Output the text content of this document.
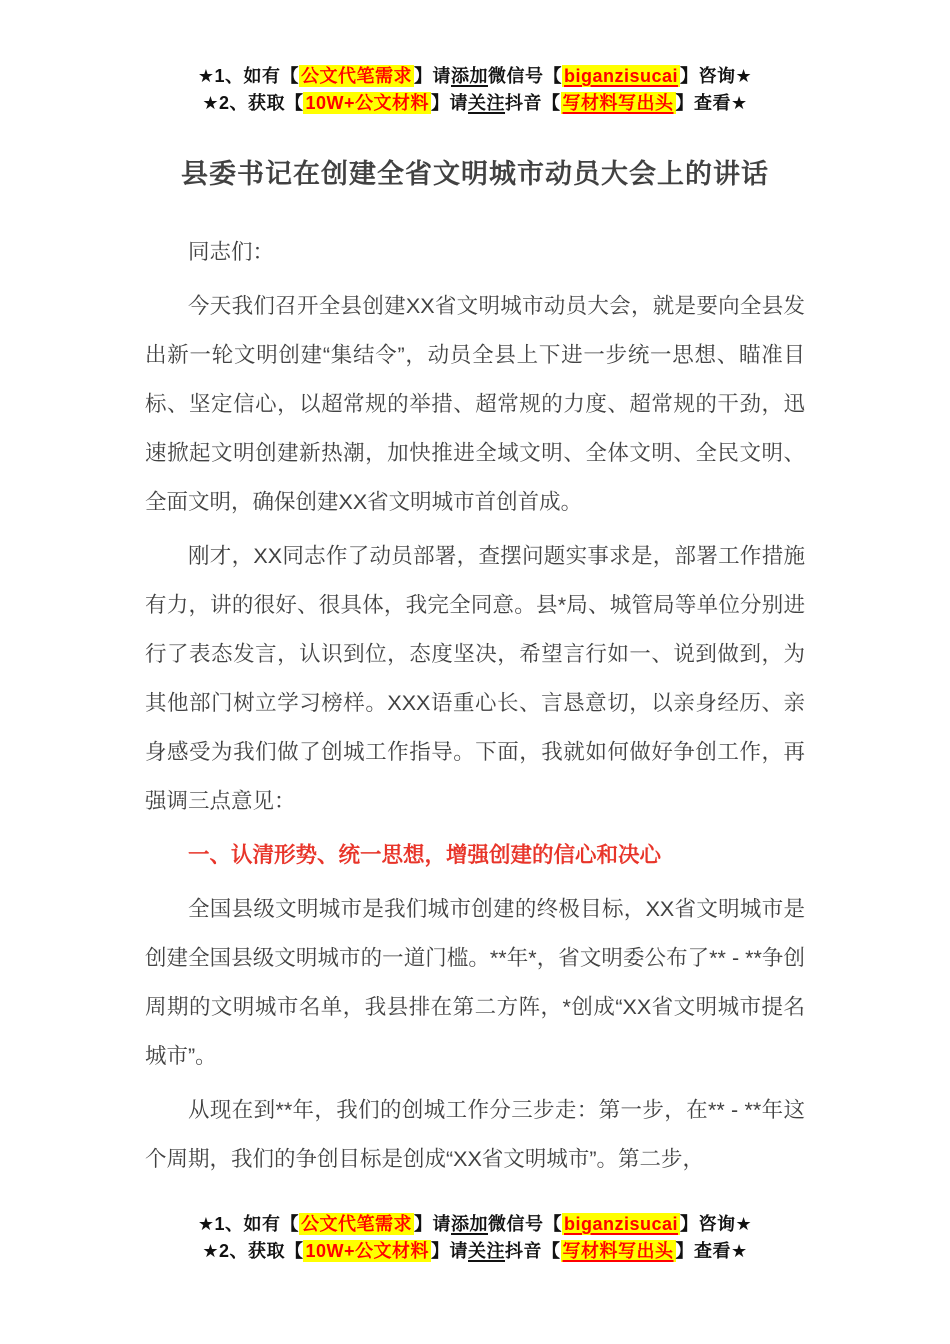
★1、如有【 公文代笔需求 】请添加微信号【 biganzisucai 】咨询★
★2、获取【 10W+公文材料 】请关注抖音【 写材料写出头 】查看★
县委书记在创建全省文明城市动员大会上的讲话

同志们：

今天我们召开全县创建XX省文明城市动员大会，就是要向全县发出新一轮文明创建“集结令”，动员全县上下进一步统一思想、瞄准目标、坚定信心，以超常规的举措、超常规的力度、超常规的干劲，迅速掀起文明创建新热潮，加快推进全域文明、全体文明、全民文明、全面文明，确保创建XX省文明城市首创首成。

刚才，XX同志作了动员部署，查摆问题实事求是，部署工作措施有力，讲的很好、很具体，我完全同意。县*局、城管局等单位分别进行了表态发言，认识到位，态度坚决，希望言行如一、说到做到，为其他部门树立学习榜样。XXX语重心长、言恳意切，以亲身经历、亲身感受为我们做了创城工作指导。下面，我就如何做好争创工作，再强调三点意见：

一、认清形势、统一思想，增强创建的信心和决心

全国县级文明城市是我们城市创建的终极目标，XX省文明城市是创建全国县级文明城市的一道门槛。**年*，省文明委公布了** - **争创周期的文明城市名单，我县排在第二方阵，*创成“XX省文明城市提名城市”。

从现在到**年，我们的创城工作分三步走：第一步，在** - **年这个周期，我们的争创目标是创成“XX省文明城市”。第二步，

★1、如有【 公文代笔需求 】请添加微信号【 biganzisucai 】咨询★
★2、获取【 10W+公文材料 】请关注抖音【 写材料写出头 】查看★
